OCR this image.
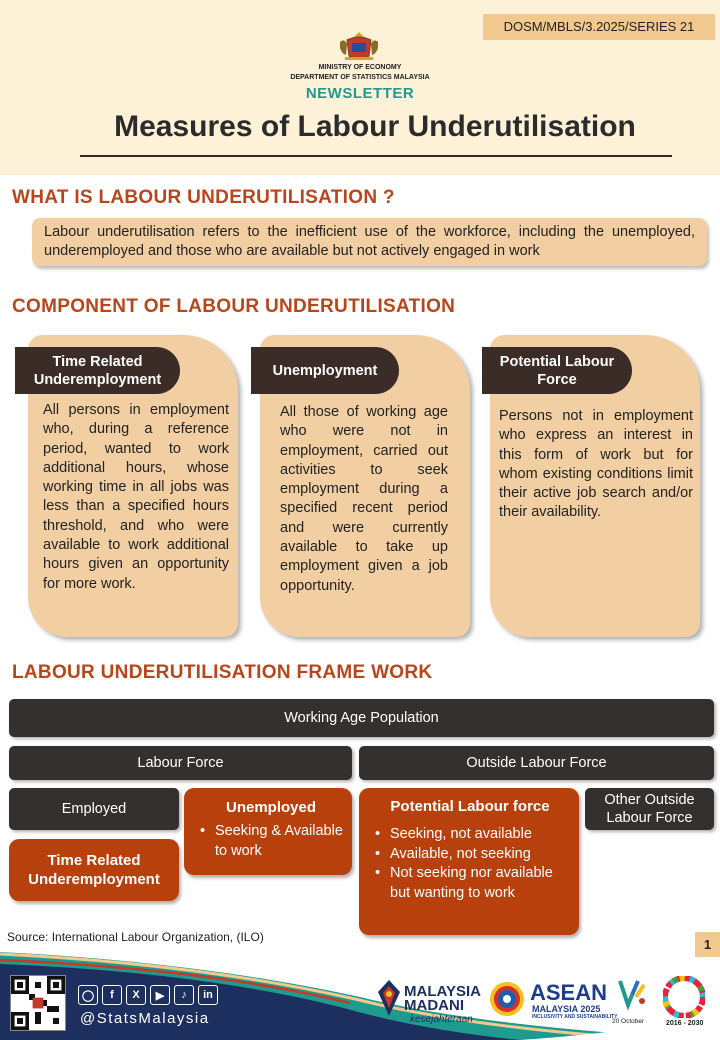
DOSM/MBLS/3.2025/SERIES 21
MINISTRY OF ECONOMY
DEPARTMENT OF STATISTICS MALAYSIA
NEWSLETTER
Measures of Labour Underutilisation
WHAT IS LABOUR UNDERUTILISATION ?
Labour underutilisation refers to the inefficient use of the workforce, including the unemployed, underemployed and those who are available but not actively engaged in work
COMPONENT OF LABOUR UNDERUTILISATION
Time Related Underemployment
All persons in employment who, during a reference period, wanted to work additional hours, whose working time in all jobs was less than a specified hours threshold, and who were available to work additional hours given an opportunity for more work.
Unemployment
All those of working age who were not in employment, carried out activities to seek employment during a specified recent period and were currently available to take up employment given a job opportunity.
Potential Labour Force
Persons not in employment who express an interest in this form of work but for whom existing conditions limit their active job search and/or their availability.
LABOUR UNDERUTILISATION FRAME WORK
Working Age Population
Labour Force	Outside Labour Force
Employed
Time Related Underemployment
Unemployed
• Seeking & Available to work
Potential Labour force
• Seeking, not available
• Available, not seeking
• Not seeking nor available but wanting to work
Other Outside Labour Force
Source: International Labour Organization, (ILO)	1
◯	f	X	▶	♪	in
@StatsMalaysia
MALAYSIA
MADANI
kesejahteraan
ASEAN
MALAYSIA 2025
INCLUSIVITY AND SUSTAINABILITY
20 October	2016 - 2030
